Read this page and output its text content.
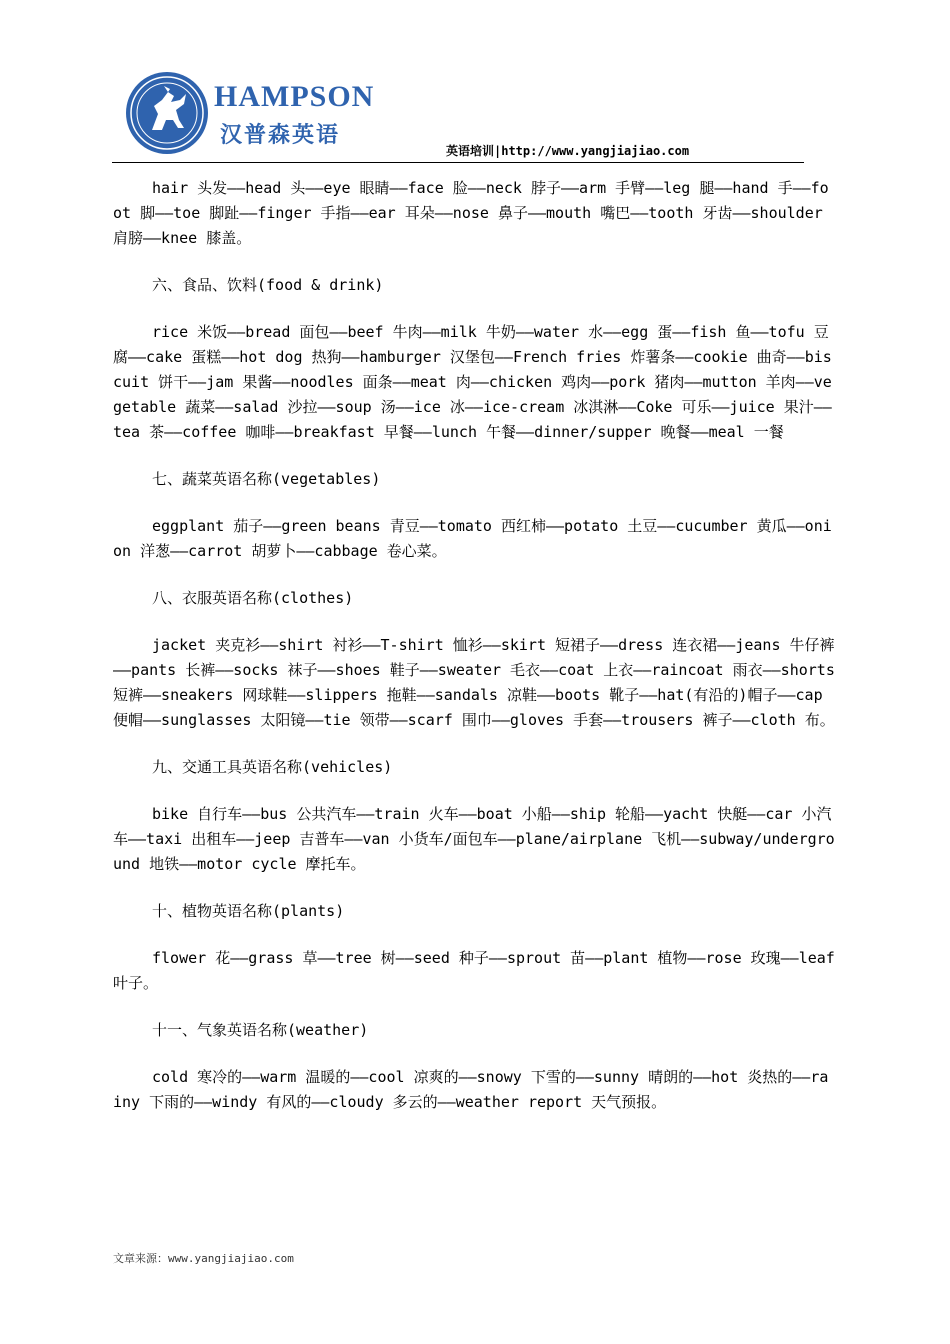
HAMPSON
汉普森英语
英语培训|http://www.yangjiajiao.com

hair 头发——head 头——eye 眼睛——face 脸——neck 脖子——arm 手臂——leg 腿——hand 手——foot 脚——toe 脚趾——finger 手指——ear 耳朵——nose 鼻子——mouth 嘴巴——tooth 牙齿——shoulder 肩膀——knee 膝盖。

六、食品、饮料(food & drink)

rice 米饭——bread 面包——beef 牛肉——milk 牛奶——water 水——egg 蛋——fish 鱼——tofu 豆腐——cake 蛋糕——hot dog 热狗——hamburger 汉堡包——French fries 炸薯条——cookie 曲奇——biscuit 饼干——jam 果酱——noodles 面条——meat 肉——chicken 鸡肉——pork 猪肉——mutton 羊肉——vegetable 蔬菜——salad 沙拉——soup 汤——ice 冰——ice-cream 冰淇淋——Coke 可乐——juice 果汁——tea 茶——coffee 咖啡——breakfast 早餐——lunch 午餐——dinner/supper 晚餐——meal 一餐

七、蔬菜英语名称(vegetables)

eggplant 茄子——green beans 青豆——tomato 西红柿——potato 土豆——cucumber 黄瓜——onion 洋葱——carrot 胡萝卜——cabbage 卷心菜。

八、衣服英语名称(clothes)

jacket 夹克衫——shirt 衬衫——T-shirt 恤衫——skirt 短裙子——dress 连衣裙——jeans 牛仔裤——pants 长裤——socks 袜子——shoes 鞋子——sweater 毛衣——coat 上衣——raincoat 雨衣——shorts 短裤——sneakers 网球鞋——slippers 拖鞋——sandals 凉鞋——boots 靴子——hat(有沿的)帽子——cap 便帽——sunglasses 太阳镜——tie 领带——scarf 围巾——gloves 手套——trousers 裤子——cloth 布。

九、交通工具英语名称(vehicles)

bike 自行车——bus 公共汽车——train 火车——boat 小船——ship 轮船——yacht 快艇——car 小汽车——taxi 出租车——jeep 吉普车——van 小货车/面包车——plane/airplane 飞机——subway/underground 地铁——motor cycle 摩托车。

十、植物英语名称(plants)

flower 花——grass 草——tree 树——seed 种子——sprout 苗——plant 植物——rose 玫瑰——leaf 叶子。

十一、气象英语名称(weather)

cold 寒冷的——warm 温暖的——cool 凉爽的——snowy 下雪的——sunny 晴朗的——hot 炎热的——rainy 下雨的——windy 有风的——cloudy 多云的——weather report 天气预报。

文章来源：www.yangjiajiao.com
